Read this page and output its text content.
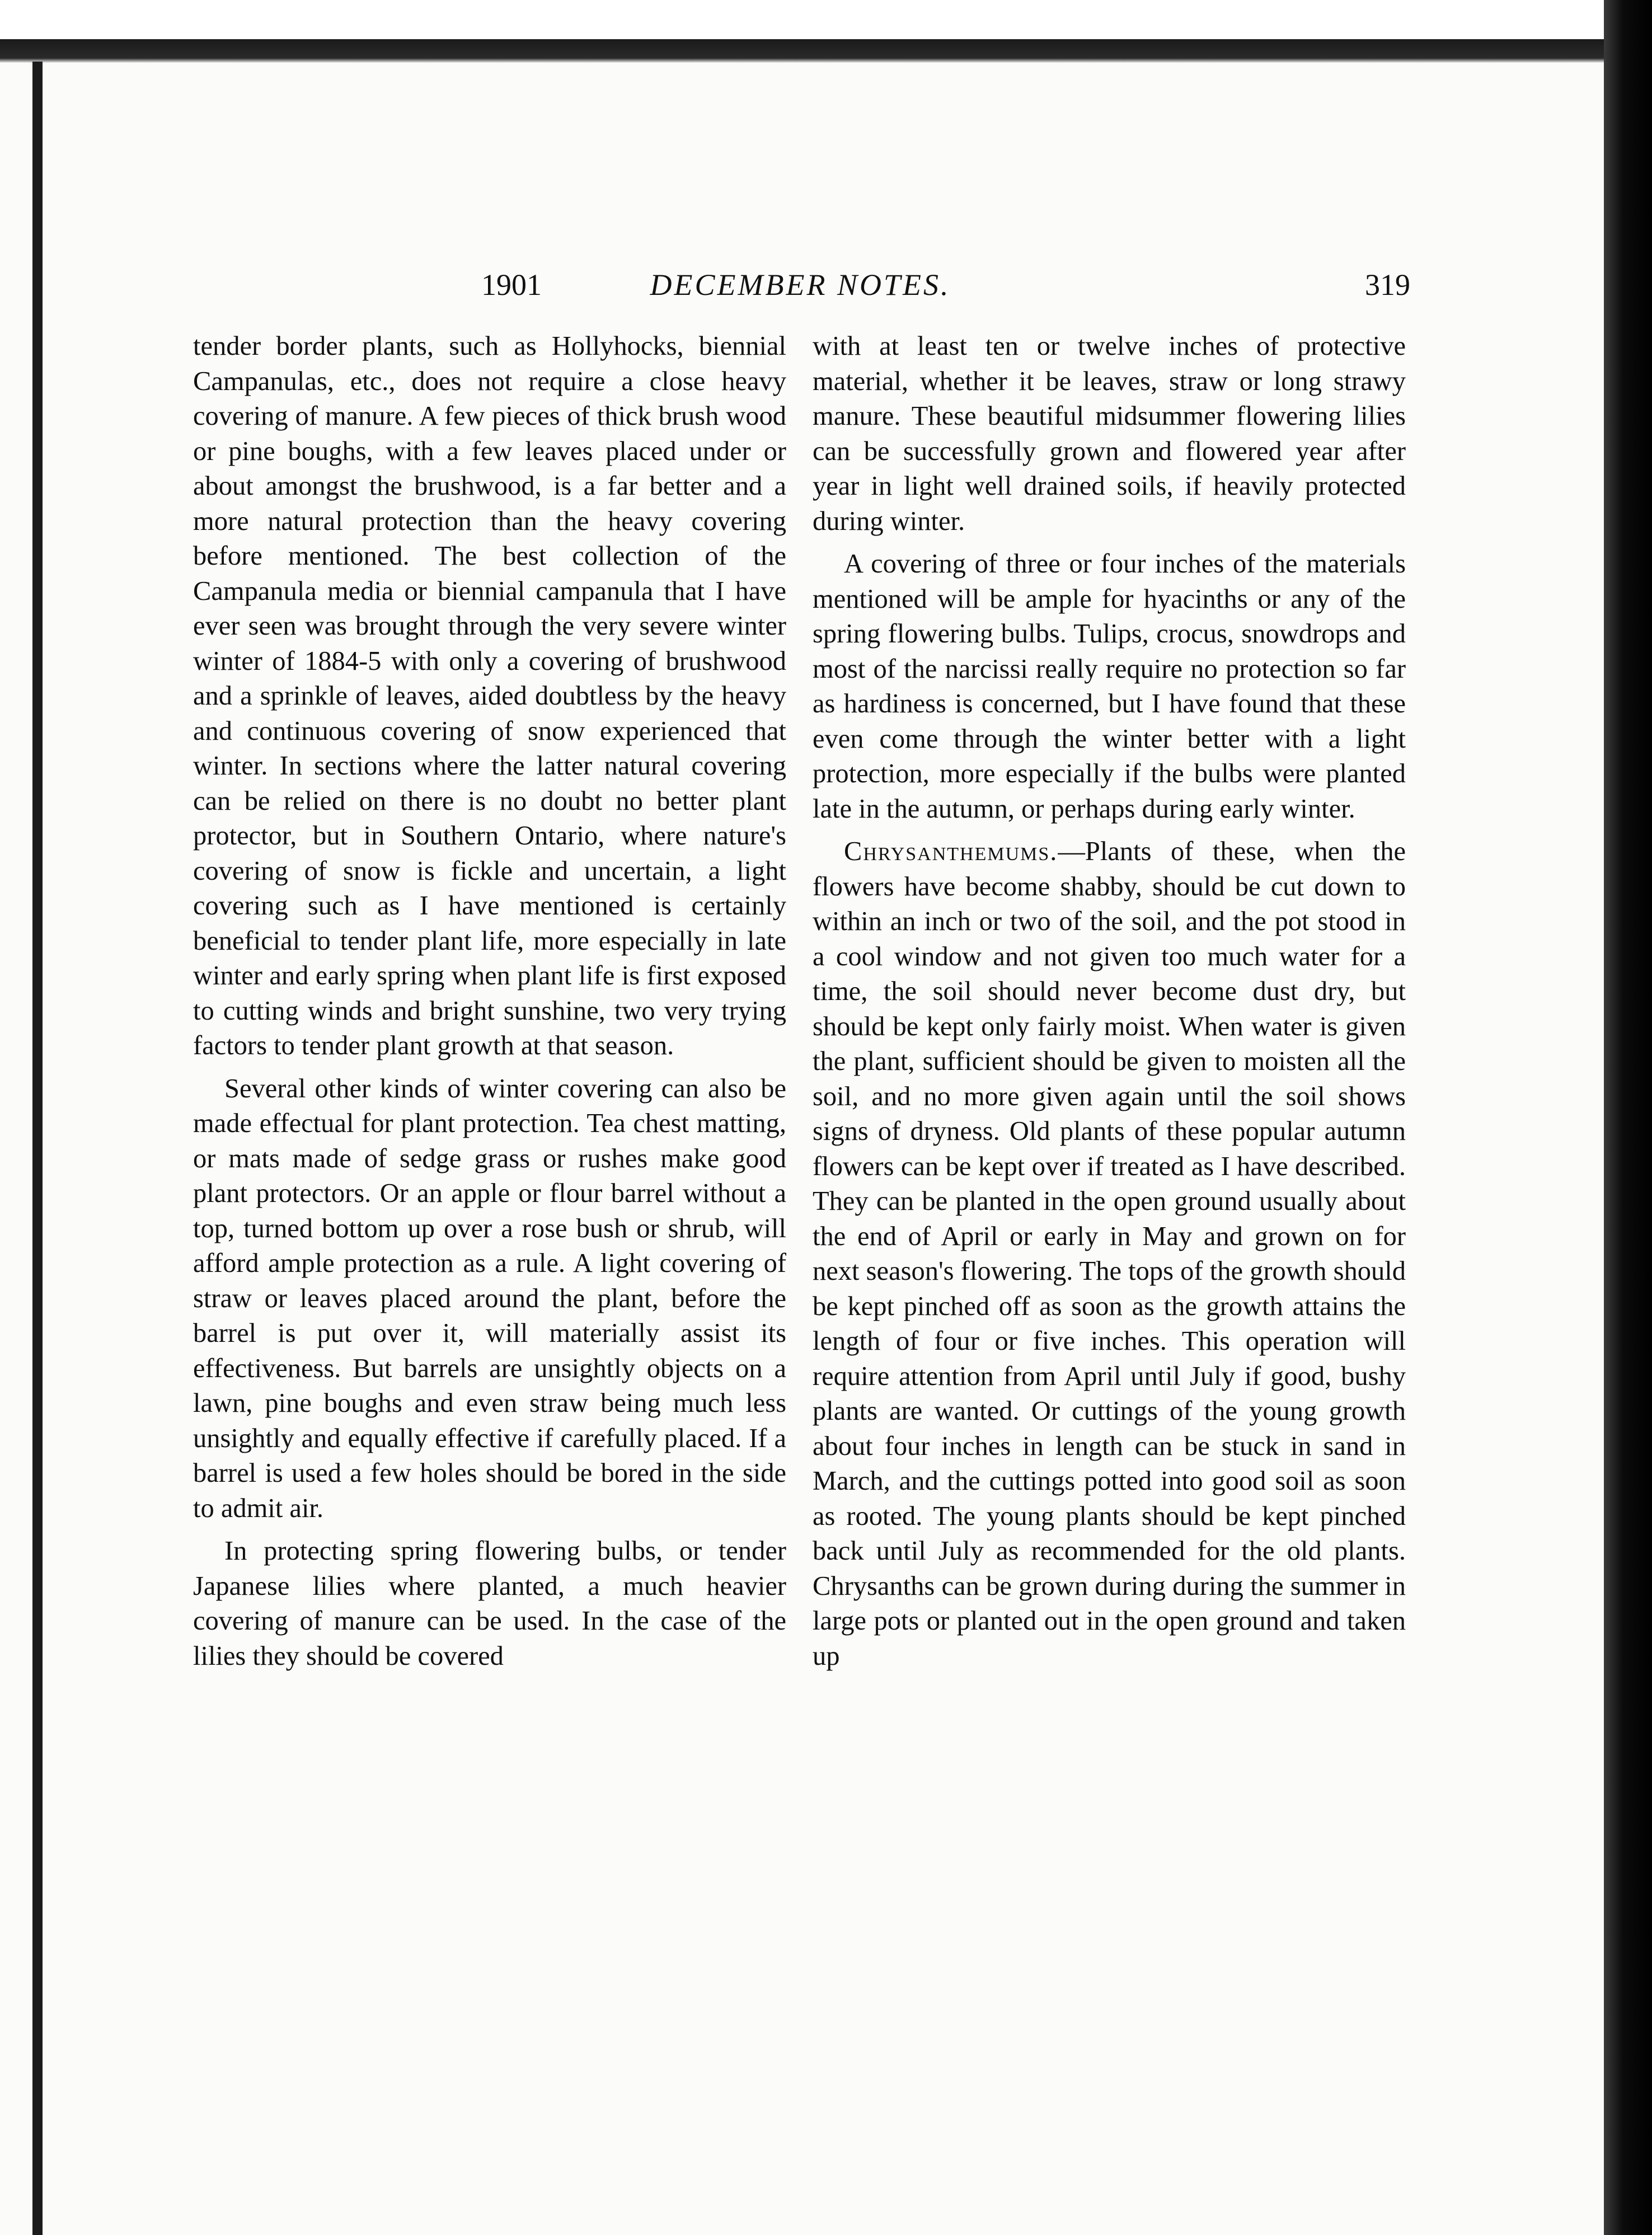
1901	DECEMBER NOTES.	319

tender border plants, such as Hollyhocks, biennial Campanulas, etc., does not require a close heavy covering of manure. A few pieces of thick brush wood or pine boughs, with a few leaves placed under or about amongst the brushwood, is a far better and a more natural protection than the heavy covering before mentioned. The best collection of the Campanula media or biennial campanula that I have ever seen was brought through the very severe winter winter of 1884-5 with only a covering of brushwood and a sprinkle of leaves, aided doubtless by the heavy and continuous covering of snow experienced that winter. In sections where the latter natural covering can be relied on there is no doubt no better plant protector, but in Southern Ontario, where nature's covering of snow is fickle and uncertain, a light covering such as I have mentioned is certainly beneficial to tender plant life, more especially in late winter and early spring when plant life is first exposed to cutting winds and bright sunshine, two very trying factors to tender plant growth at that season.

Several other kinds of winter covering can also be made effectual for plant protection. Tea chest matting, or mats made of sedge grass or rushes make good plant protectors. Or an apple or flour barrel without a top, turned bottom up over a rose bush or shrub, will afford ample protection as a rule. A light covering of straw or leaves placed around the plant, before the barrel is put over it, will materially assist its effectiveness. But barrels are unsightly objects on a lawn, pine boughs and even straw being much less unsightly and equally effective if carefully placed. If a barrel is used a few holes should be bored in the side to admit air.

In protecting spring flowering bulbs, or tender Japanese lilies where planted, a much heavier covering of manure can be used. In the case of the lilies they should be covered

with at least ten or twelve inches of protective material, whether it be leaves, straw or long strawy manure. These beautiful midsummer flowering lilies can be successfully grown and flowered year after year in light well drained soils, if heavily protected during winter.

A covering of three or four inches of the materials mentioned will be ample for hyacinths or any of the spring flowering bulbs. Tulips, crocus, snowdrops and most of the narcissi really require no protection so far as hardiness is concerned, but I have found that these even come through the winter better with a light protection, more especially if the bulbs were planted late in the autumn, or perhaps during early winter.

Chrysanthemums.—Plants of these, when the flowers have become shabby, should be cut down to within an inch or two of the soil, and the pot stood in a cool window and not given too much water for a time, the soil should never become dust dry, but should be kept only fairly moist. When water is given the plant, sufficient should be given to moisten all the soil, and no more given again until the soil shows signs of dryness. Old plants of these popular autumn flowers can be kept over if treated as I have described. They can be planted in the open ground usually about the end of April or early in May and grown on for next season's flowering. The tops of the growth should be kept pinched off as soon as the growth attains the length of four or five inches. This operation will require attention from April until July if good, bushy plants are wanted. Or cuttings of the young growth about four inches in length can be stuck in sand in March, and the cuttings potted into good soil as soon as rooted. The young plants should be kept pinched back until July as recommended for the old plants. Chrysanths can be grown during during the summer in large pots or planted out in the open ground and taken up
